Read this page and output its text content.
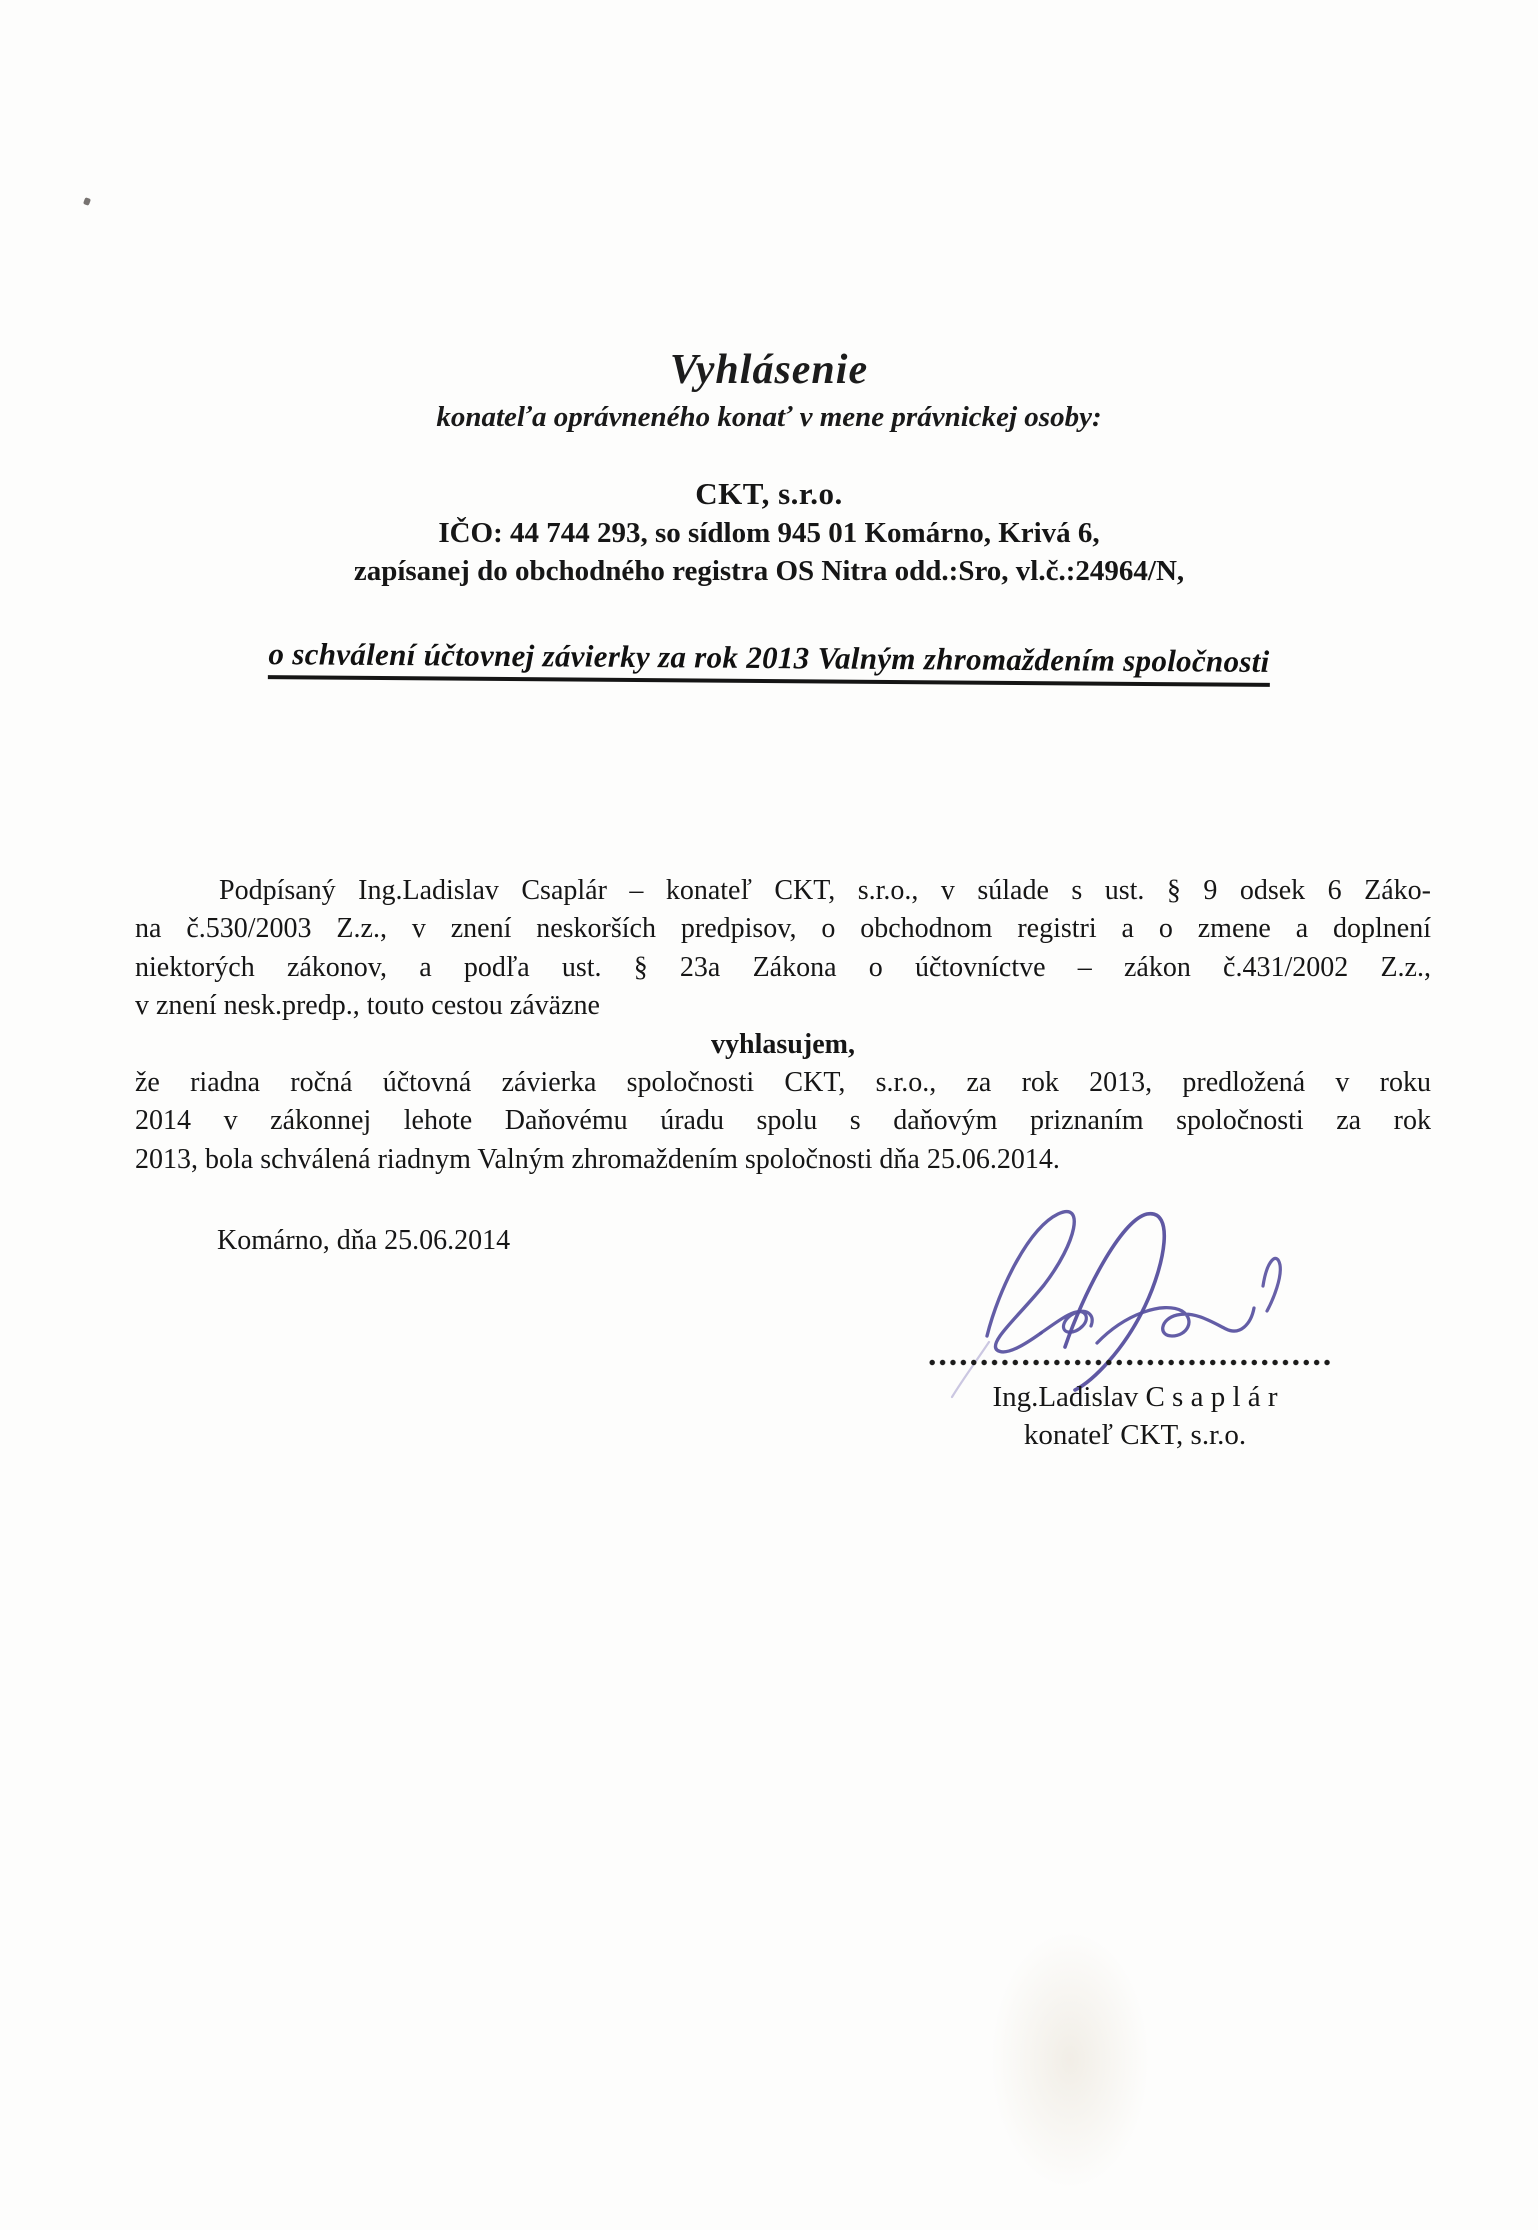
Vyhlásenie
konateľa oprávneného konať v mene právnickej osoby:
CKT, s.r.o.
IČO: 44 744 293, so sídlom 945 01 Komárno, Krivá 6,
zapísanej do obchodného registra OS Nitra odd.:Sro, vl.č.:24964/N,
o schválení účtovnej závierky za rok 2013 Valným zhromaždením spoločnosti
Podpísaný Ing.Ladislav Csaplár – konateľ CKT, s.r.o., v súlade s ust. § 9 odsek 6 Záko-
na č.530/2003 Z.z., v znení neskorších predpisov, o obchodnom registri a o zmene a doplnení
niektorých zákonov, a podľa ust. § 23a Zákona o účtovníctve – zákon č.431/2002 Z.z.,
v znení nesk.predp., touto cestou záväzne
vyhlasujem,
že riadna ročná účtovná závierka spoločnosti CKT, s.r.o., za rok 2013, predložená v roku
2014 v zákonnej lehote Daňovému úradu spolu s daňovým priznaním spoločnosti za rok
2013, bola schválená riadnym Valným zhromaždením spoločnosti dňa 25.06.2014.
Komárno, dňa 25.06.2014
Ing.Ladislav C s a p l á r
konateľ CKT, s.r.o.
